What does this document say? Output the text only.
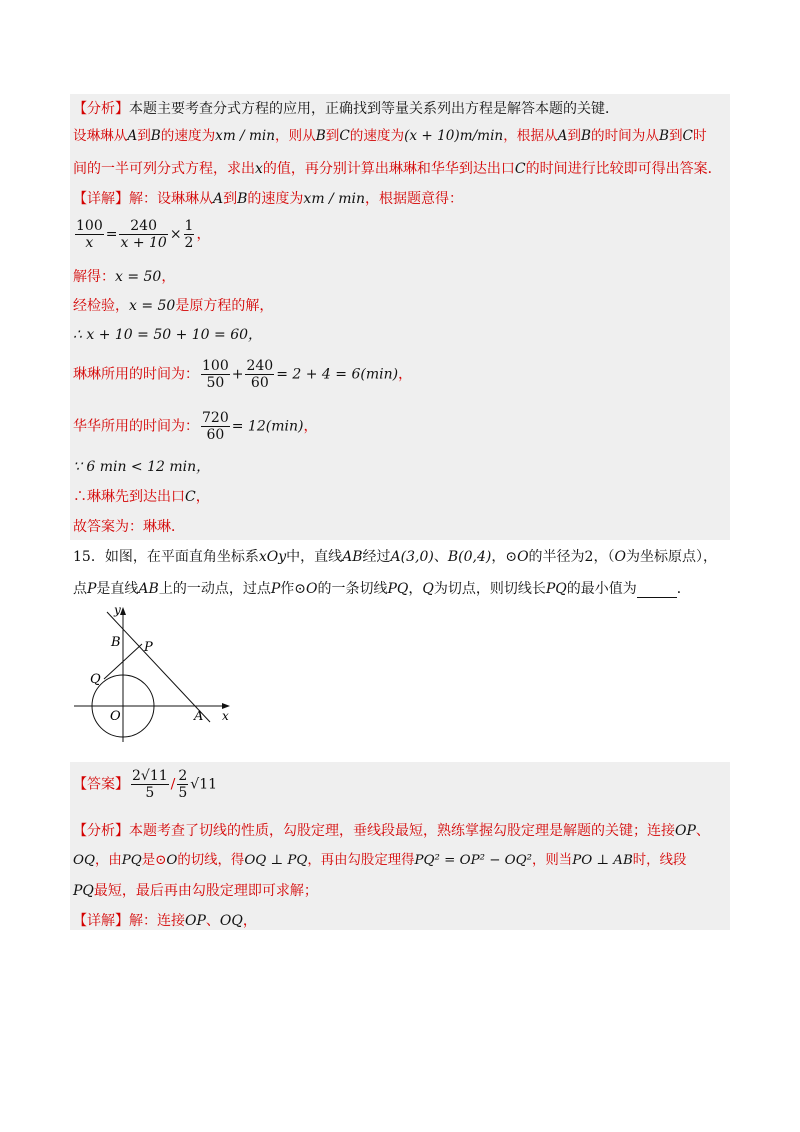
【分析】本题主要考查分式方程的应用，正确找到等量关系列出方程是解答本题的关键．
设琳琳从A到B的速度为xm / min，则从B到C的速度为(x + 10)m/min，根据从A到B的时间为从B到C时
间的一半可列分式方程，求出x的值，再分别计算出琳琳和华华到达出口C的时间进行比较即可得出答案．
【详解】解：设琳琳从A到B的速度为xm / min，根据题意得：
$\frac{100}{x} = \frac{240}{x + 10} \times \frac{1}{2}$ ，
解得：x = 50，
经检验，x = 50是原方程的解，
∴ x + 10 = 50 + 10 = 60，
琳琳所用的时间为： $\frac{100}{50} + \frac{240}{60} = 2 + 4 = 6(\min)$，
华华所用的时间为： $\frac{720}{60} = 12(\min)$，
∵ 6 min < 12 min，
∴琳琳先到达出口C，
故答案为：琳琳．
15．如图，在平面直角坐标系xOy中，直线AB经过A(3,0)、B(0,4)，⊙O的半径为2，（O为坐标原点），
点P是直线AB上的一动点，过点P作⊙O的一条切线PQ，Q为切点，则切线长PQ的最小值为	．
y
B P
Q
O	A x
【答案】 $\frac{2√11}{5} / \frac{2}{5} √11$
【分析】本题考查了切线的性质，勾股定理，垂线段最短，熟练掌握勾股定理是解题的关键；连接OP、
OQ，由PQ是⊙O的切线，得OQ ⊥ PQ，再由勾股定理得PQ² = OP² − OQ²，则当PO ⊥ AB时，线段
PQ最短，最后再由勾股定理即可求解；
【详解】解：连接OP、OQ，
